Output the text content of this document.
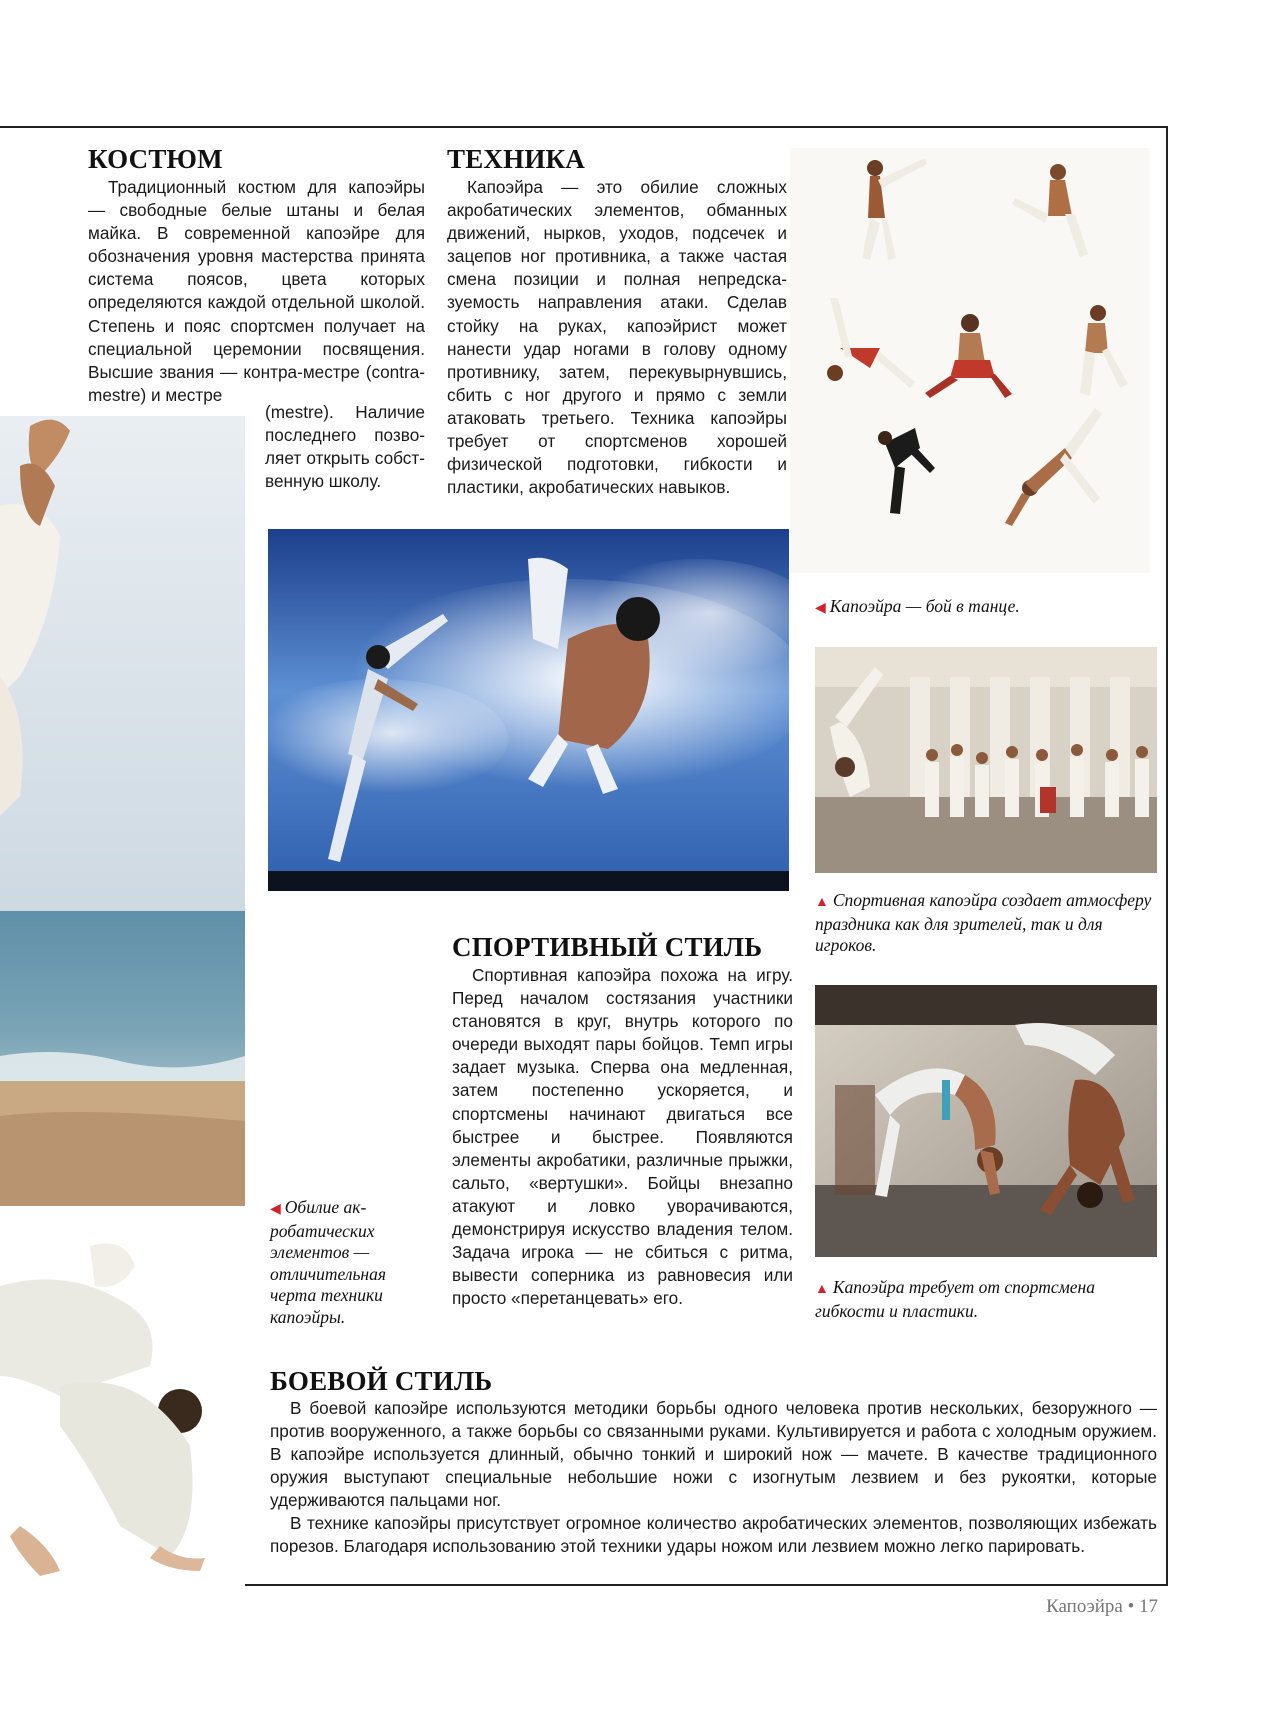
КОСТЮМ

Традиционный костюм для капоэйры — свободные белые штаны и белая майка. В современной капоэйре для обозначения уровня мастерства принята система поясов, цвета которых определяются каждой отдельной школой. Степень и пояс спортсмен получает на специальной церемонии посвящения. Высшие звания — контра-местре (contra-mestre) и местре

(mestre). Наличие последнего позволяет открыть собственную школу.

ТЕХНИКА

Капоэйра — это обилие сложных акробатических элементов, обманных движений, нырков, уходов, подсечек и зацепов ног противника, а также частая смена позиции и полная непредсказуемость направления атаки. Сделав стойку на руках, капоэйрист может нанести удар ногами в голову одному противнику, затем, перекувырнувшись, сбить с ног другого и прямо с земли атаковать третьего. Техника капоэйры требует от спортсменов хорошей физической подготовки, гибкости и пластики, акробатических навыков.

◀ Капоэйра — бой в танце.

▲ Спортивная капоэйра создает атмосферу праздника как для зрителей, так и для игроков.

СПОРТИВНЫЙ СТИЛЬ

Спортивная капоэйра похожа на игру. Перед началом состязания участники становятся в круг, внутрь которого по очереди выходят пары бойцов. Темп игры задает музыка. Сперва она медленная, затем постепенно ускоряется, и спортсмены начинают двигаться все быстрее и быстрее. Появляются элементы акробатики, различные прыжки, сальто, «вертушки». Бойцы внезапно атакуют и ловко уворачиваются, демонстрируя искусство владения телом. Задача игрока — не сбиться с ритма, вывести соперника из равновесия или просто «перетанцевать» его.

◀ Обилие акробатических элементов — отличительная черта техники капоэйры.

▲ Капоэйра требует от спортсмена гибкости и пластики.

БОЕВОЙ СТИЛЬ

В боевой капоэйре используются методики борьбы одного человека против нескольких, безоружного — против вооруженного, а также борьбы со связанными руками. Культивируется и работа с холодным оружием. В капоэйре используется длинный, обычно тонкий и широкий нож — мачете. В качестве традиционного оружия выступают специальные небольшие ножи с изогнутым лезвием и без рукоятки, которые удерживаются пальцами ног.

В технике капоэйры присутствует огромное количество акробатических элементов, позволяющих избежать порезов. Благодаря использованию этой техники удары ножом или лезвием можно легко парировать.

Капоэйра • 17
